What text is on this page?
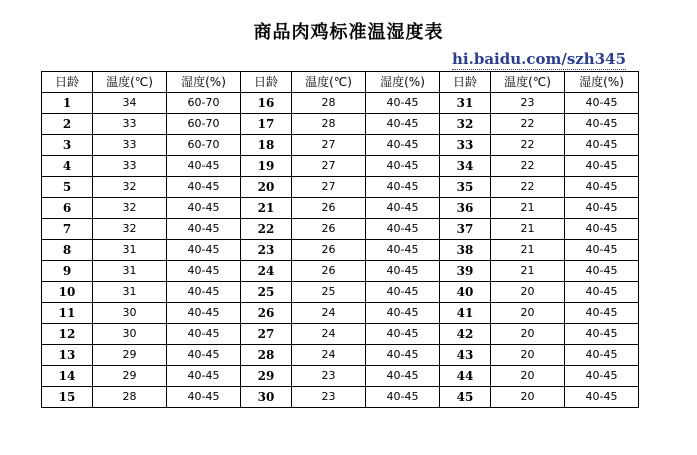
商品肉鸡标准温湿度表
hi.baidu.com/szh345
日龄	温度(℃)	湿度(%)	日龄	温度(℃)	湿度(%)	日龄	温度(℃)	湿度(%)
1	34	60-70	16	28	40-45	31	23	40-45
2	33	60-70	17	28	40-45	32	22	40-45
3	33	60-70	18	27	40-45	33	22	40-45
4	33	40-45	19	27	40-45	34	22	40-45
5	32	40-45	20	27	40-45	35	22	40-45
6	32	40-45	21	26	40-45	36	21	40-45
7	32	40-45	22	26	40-45	37	21	40-45
8	31	40-45	23	26	40-45	38	21	40-45
9	31	40-45	24	26	40-45	39	21	40-45
10	31	40-45	25	25	40-45	40	20	40-45
11	30	40-45	26	24	40-45	41	20	40-45
12	30	40-45	27	24	40-45	42	20	40-45
13	29	40-45	28	24	40-45	43	20	40-45
14	29	40-45	29	23	40-45	44	20	40-45
15	28	40-45	30	23	40-45	45	20	40-45
